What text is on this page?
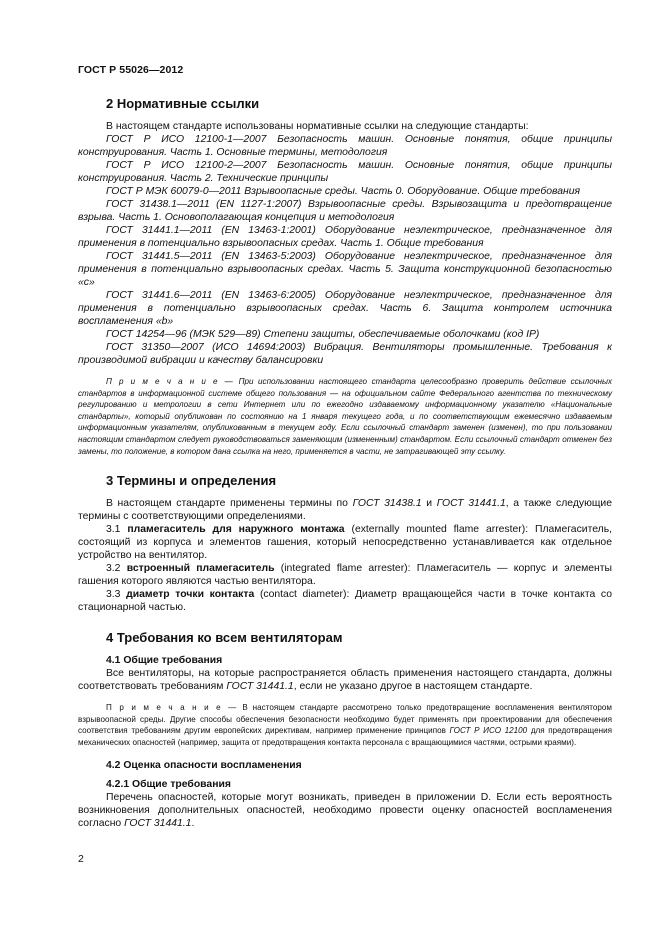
ГОСТ Р 55026—2012
2 Нормативные ссылки

В настоящем стандарте использованы нормативные ссылки на следующие стандарты:

ГОСТ Р ИСО 12100-1—2007 Безопасность машин. Основные понятия, общие принципы конструирования. Часть 1. Основные термины, методология

ГОСТ Р ИСО 12100-2—2007 Безопасность машин. Основные понятия, общие принципы конструирования. Часть 2. Технические принципы

ГОСТ Р МЭК 60079-0—2011 Взрывоопасные среды. Часть 0. Оборудование. Общие требования

ГОСТ 31438.1—2011 (EN 1127-1:2007) Взрывоопасные среды. Взрывозащита и предотвращение взрыва. Часть 1. Основополагающая концепция и методология

ГОСТ 31441.1—2011 (EN 13463-1:2001) Оборудование неэлектрическое, предназначенное для применения в потенциально взрывоопасных средах. Часть 1. Общие требования

ГОСТ 31441.5—2011 (EN 13463-5:2003) Оборудование неэлектрическое, предназначенное для применения в потенциально взрывоопасных средах. Часть 5. Защита конструкционной безопасностью «с»

ГОСТ 31441.6—2011 (EN 13463-6:2005) Оборудование неэлектрическое, предназначенное для применения в потенциально взрывоопасных средах. Часть 6. Защита контролем источника воспламенения «b»

ГОСТ 14254—96 (МЭК 529—89) Степени защиты, обеспечиваемые оболочками (код IP)

ГОСТ 31350—2007 (ИСО 14694:2003) Вибрация. Вентиляторы промышленные. Требования к производимой вибрации и качеству балансировки

П р и м е ч а н и е — При использовании настоящего стандарта целесообразно проверить действие ссылочных стандартов в информационной системе общего пользования — на официальном сайте Федерального агентства по техническому регулированию и метрологии в сети Интернет или по ежегодно издаваемому информационному указателю «Национальные стандарты», который опубликован по состоянию на 1 января текущего года, и по соответствующим ежемесячно издаваемым информационным указателям, опубликованным в текущем году. Если ссылочный стандарт заменен (изменен), то при пользовании настоящим стандартом следует руководствоваться заменяющим (измененным) стандартом. Если ссылочный стандарт отменен без замены, то положение, в котором дана ссылка на него, применяется в части, не затрагивающей эту ссылку.

3 Термины и определения

В настоящем стандарте применены термины по ГОСТ 31438.1 и ГОСТ 31441.1, а также следующие термины с соответствующими определениями.

3.1 пламегаситель для наружного монтажа (externally mounted flame arrester): Пламегаситель, состоящий из корпуса и элементов гашения, который непосредственно устанавливается как отдельное устройство на вентилятор.

3.2 встроенный пламегаситель (integrated flame arrester): Пламегаситель — корпус и элементы гашения которого являются частью вентилятора.

3.3 диаметр точки контакта (contact diameter): Диаметр вращающейся части в точке контакта со стационарной частью.

4 Требования ко всем вентиляторам
4.1 Общие требования

Все вентиляторы, на которые распространяется область применения настоящего стандарта, должны соответствовать требованиям ГОСТ 31441.1, если не указано другое в настоящем стандарте.

П р и м е ч а н и е — В настоящем стандарте рассмотрено только предотвращение воспламенения вентилятором взрывоопасной среды. Другие способы обеспечения безопасности необходимо будет применять при проектировании для обеспечения соответствия требованиям другим европейских директивам, например применение принципов ГОСТ Р ИСО 12100 для предотвращения механических опасностей (например, защита от предотвращения контакта персонала с вращающимися частями, острыми краями).

4.2 Оценка опасности воспламенения
4.2.1 Общие требования

Перечень опасностей, которые могут возникать, приведен в приложении D. Если есть вероятность возникновения дополнительных опасностей, необходимо провести оценку опасностей воспламенения согласно ГОСТ 31441.1.

2
